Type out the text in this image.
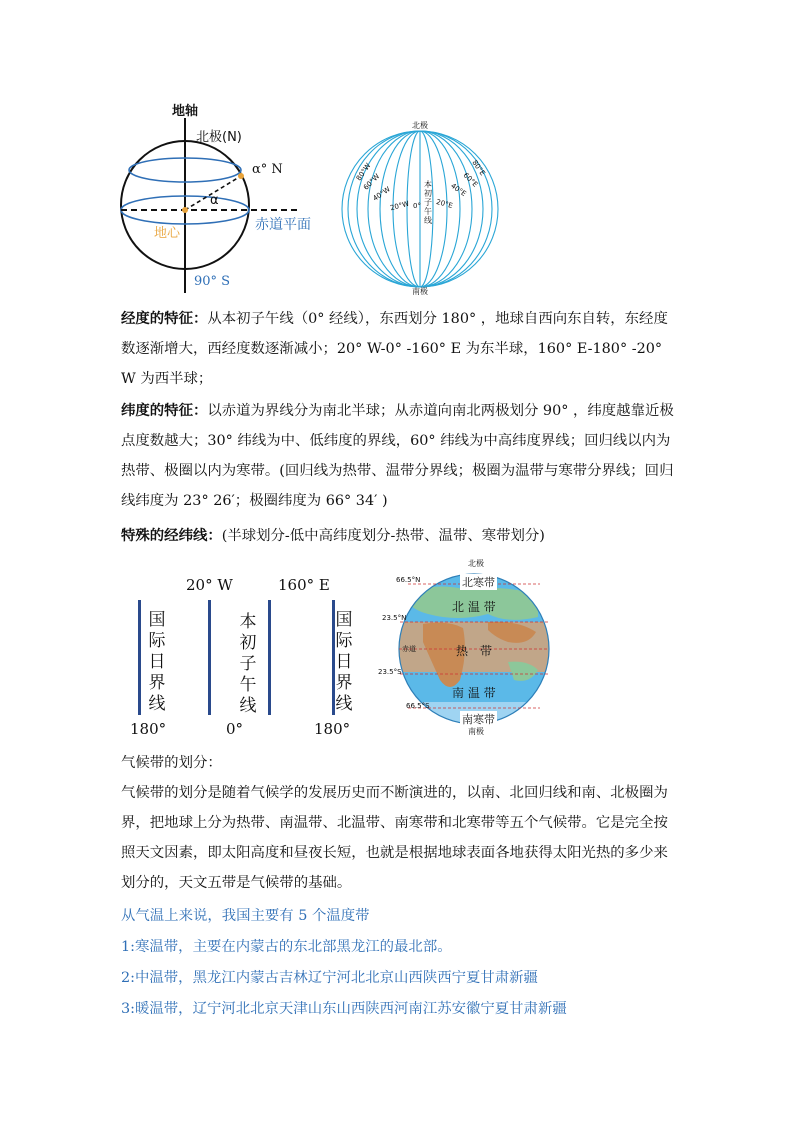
地轴
北极(N)
α° N
α
地心
赤道平面
90° S
北极
南极
本初子午线
80°W
60°W
40°W
20°W 0° 20°E
40°E
60°E
80°E
经度的特征：从本初子午线（0° 经线），东西划分 180° ，地球自西向东自转，东经度数逐渐增大，西经度数逐渐减小；20° W-0° -160° E 为东半球，160° E-180° -20° W 为西半球；
纬度的特征：以赤道为界线分为南北半球；从赤道向南北两极划分 90° ，纬度越靠近极点度数越大；30° 纬线为中、低纬度的界线，60° 纬线为中高纬度界线；回归线以内为热带、极圈以内为寒带。(回归线为热带、温带分界线；极圈为温带与寒带分界线；回归线纬度为 23° 26′；极圈纬度为 66° 34′ )
特殊的经纬线：(半球划分-低中高纬度划分-热带、温带、寒带划分)
20° W	160° E
国际日界线
本初子午线
国际日界线
180°	0°	180°
北极
南极
66.5°N
23.5°N
赤道
23.5°S
66.5°S
北寒带
北 温 带
热　带
南 温 带
南寒带
气候带的划分：
气候带的划分是随着气候学的发展历史而不断演进的，以南、北回归线和南、北极圈为界，把地球上分为热带、南温带、北温带、南寒带和北寒带等五个气候带。它是完全按照天文因素，即太阳高度和昼夜长短，也就是根据地球表面各地获得太阳光热的多少来划分的，天文五带是气候带的基础。
从气温上来说，我国主要有 5 个温度带
1:寒温带，主要在内蒙古的东北部黑龙江的最北部。
2:中温带，黑龙江内蒙古吉林辽宁河北北京山西陕西宁夏甘肃新疆
3:暖温带，辽宁河北北京天津山东山西陕西河南江苏安徽宁夏甘肃新疆
